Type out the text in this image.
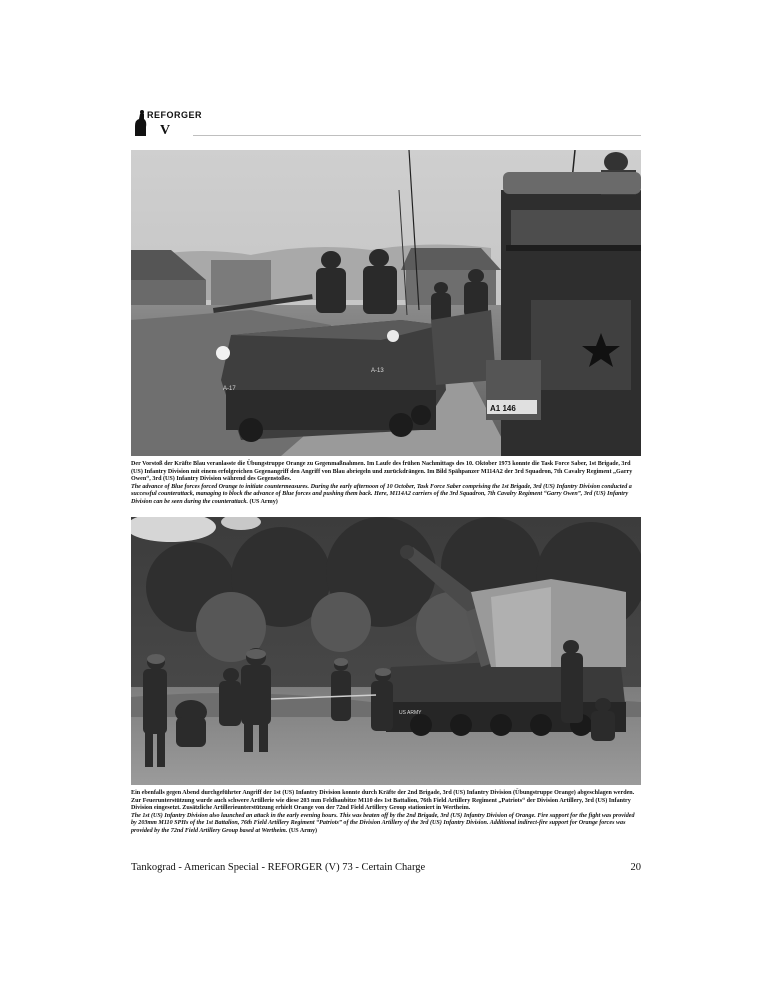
REFORGER
V
A-17
A-13
A1 146

Der Vorstoß der Kräfte Blau veranlasste die Übungstruppe Orange zu Gegenmaßnahmen. Im Laufe des frühen Nachmittags des 10. Oktober 1973 konnte die Task Force Saber, 1st Brigade, 3rd (US) Infantry Division mit einem erfolgreichen Gegenangriff den Angriff von Blau abriegeln und zurückdrängen. Im Bild Spähpanzer M114A2 der 3rd Squadron, 7th Cavalry Regiment „Garry Owen“, 3rd (US) Infantry Division während des Gegenstoßes.

The advance of Blue forces forced Orange to initiate countermeasures. During the early afternoon of 10 October, Task Force Saber comprising the 1st Brigade, 3rd (US) Infantry Division conducted a successful counterattack, managing to block the advance of Blue forces and pushing them back. Here, M114A2 carriers of the 3rd Squadron, 7th Cavalry Regiment “Garry Owen”, 3rd (US) Infantry Division can be seen during the counterattack. (US Army)

US ARMY

Ein ebenfalls gegen Abend durchgeführter Angriff der 1st (US) Infantry Division konnte durch Kräfte der 2nd Brigade, 3rd (US) Infantry Division (Übungstruppe Orange) abgeschlagen werden. Zur Feuerunterstützung wurde auch schwere Artillerie wie diese 203 mm Feldhaubitze M110 des 1st Battalion, 76th Field Artillery Regiment „Patriots“ der Division Artillery, 3rd (US) Infantry Division eingesetzt. Zusätzliche Artillerieunterstützung erhielt Orange von der 72nd Field Artillery Group stationiert in Wertheim.

The 1st (US) Infantry Division also launched an attack in the early evening hours. This was beaten off by the 2nd Brigade, 3rd (US) Infantry Division of Orange. Fire support for the fight was provided by 203mm M110 SPHs of the 1st Battalion, 76th Field Artillery Regiment “Patriots” of the Division Artillery of the 3rd (US) Infantry Division. Additional indirect-fire support for Orange forces was provided by the 72nd Field Artillery Group based at Wertheim. (US Army)

Tankograd - American Special - REFORGER (V) 73 - Certain Charge	20
